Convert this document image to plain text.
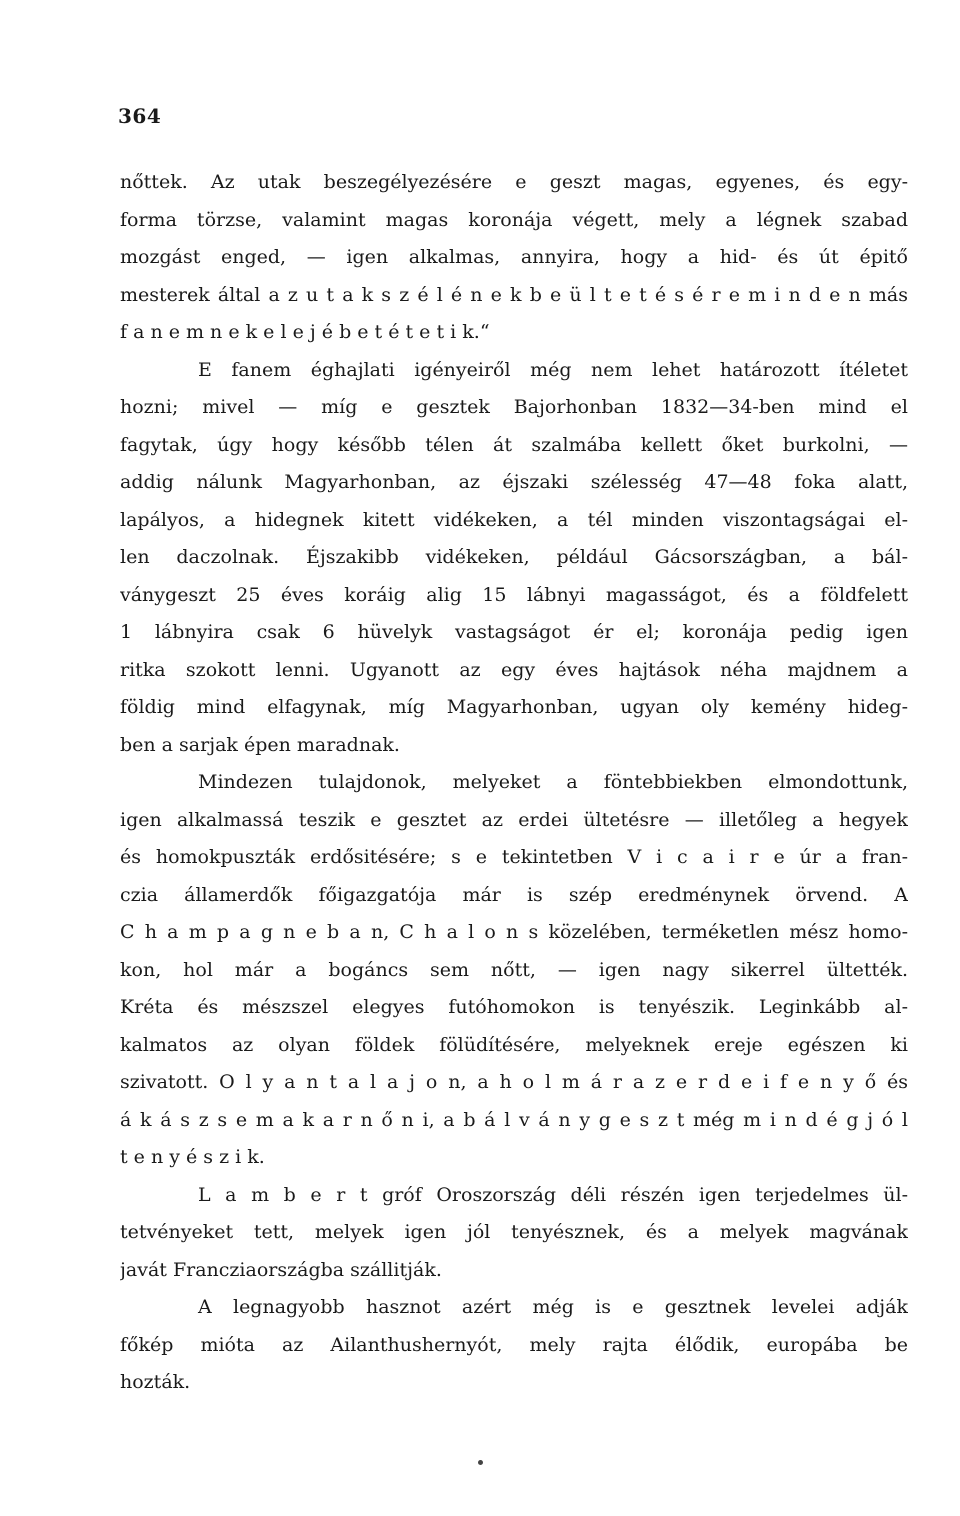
364
nőttek. Az utak beszegélyezésére e geszt magas, egyenes, és egy-
forma törzse, valamint magas koronája végett, mely a légnek szabad
mozgást enged, — igen alkalmas, annyira, hogy a hid- és út épitő
mesterek által a z u t a k s z é l é n e k b e ü l t e t é s é r e m i n d e n más
f a n e m n e k e l e j é b e t é t e t i k.“
E fanem éghajlati igényeiről még nem lehet határozott ítéletet
hozni; mivel — míg e gesztek Bajorhonban 1832—34-ben mind el
fagytak, úgy hogy később télen át szalmába kellett őket burkolni, —
addig nálunk Magyarhonban, az éjszaki szélesség 47—48 foka alatt,
lapályos, a hidegnek kitett vidékeken, a tél minden viszontagságai el-
len daczolnak. Éjszakibb vidékeken, például Gácsországban, a bál-
ványgeszt 25 éves koráig alig 15 lábnyi magasságot, és a földfelett
1 lábnyira csak 6 hüvelyk vastagságot ér el; koronája pedig igen
ritka szokott lenni. Ugyanott az egy éves hajtások néha majdnem a
földig mind elfagynak, míg Magyarhonban, ugyan oly kemény hideg-
ben a sarjak épen maradnak.
Mindezen tulajdonok, melyeket a föntebbiekben elmondottunk,
igen alkalmassá teszik e gesztet az erdei ültetésre — illetőleg a hegyek
és homokpuszták erdősitésére; s e tekintetben V i c a i r e úr a fran-
czia államerdők főigazgatója már is szép eredménynek örvend. A
C h a m p a g n e b a n, C h a l o n s közelében, terméketlen mész homo-
kon, hol már a bogáncs sem nőtt, — igen nagy sikerrel ültették.
Kréta és mészszel elegyes futóhomokon is tenyészik. Leginkább al-
kalmatos az olyan földek fölüdítésére, melyeknek ereje egészen ki
szivatott. O l y a n t a l a j o n, a h o l m á r a z e r d e i f e n y ő és
á k á s z s e m a k a r n ő n i, a b á l v á n y g e s z t még m i n d é g j ó l
t e n y é s z i k.
L a m b e r t gróf Oroszország déli részén igen terjedelmes ül-
tetvényeket tett, melyek igen jól tenyésznek, és a melyek magvának
javát Francziaországba szállitják.
A legnagyobb hasznot azért még is e gesztnek levelei adják
főkép mióta az Ailanthushernyót, mely rajta élődik, europába be
hozták.
